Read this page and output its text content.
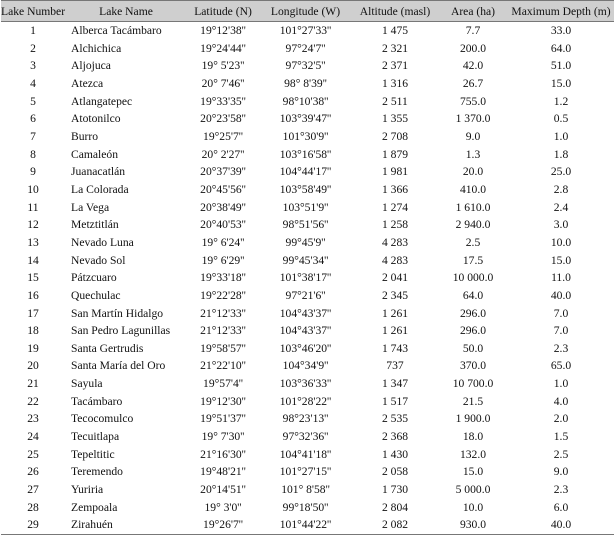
Lake Number	Lake Name	Latitude (N)	Longitude (W)	Altitude (masl)	Area (ha)	Maximum Depth (m)
1	Alberca Tacámbaro	19°12'38''	101°27'33''	1 475	7.7	33.0
2	Alchichica	19°24'44''	97°24'7''	2 321	200.0	64.0
3	Aljojuca	19° 5'23''	97°32'5''	2 371	42.0	51.0
4	Atezca	20° 7'46''	98° 8'39''	1 316	26.7	15.0
5	Atlangatepec	19°33'35''	98°10'38''	2 511	755.0	1.2
6	Atotonilco	20°23'58''	103°39'47''	1 355	1 370.0	0.5
7	Burro	19°25'7''	101°30'9''	2 708	9.0	1.0
8	Camaleón	20° 2'27''	103°16'58''	1 879	1.3	1.8
9	Juanacatlán	20°37'39''	104°44'17''	1 981	20.0	25.0
10	La Colorada	20°45'56''	103°58'49''	1 366	410.0	2.8
11	La Vega	20°38'49''	103°51'9''	1 274	1 610.0	2.4
12	Metztitlán	20°40'53''	98°51'56''	1 258	2 940.0	3.0
13	Nevado Luna	19° 6'24''	99°45'9''	4 283	2.5	10.0
14	Nevado Sol	19° 6'29''	99°45'34''	4 283	17.5	15.0
15	Pátzcuaro	19°33'18''	101°38'17''	2 041	10 000.0	11.0
16	Quechulac	19°22'28''	97°21'6''	2 345	64.0	40.0
17	San Martín Hidalgo	21°12'33''	104°43'37''	1 261	296.0	7.0
18	San Pedro Lagunillas	21°12'33''	104°43'37''	1 261	296.0	7.0
19	Santa Gertrudis	19°58'57''	103°46'20''	1 743	50.0	2.3
20	Santa María del Oro	21°22'10''	104°34'9''	737	370.0	65.0
21	Sayula	19°57'4''	103°36'33''	1 347	10 700.0	1.0
22	Tacámbaro	19°12'30''	101°28'22''	1 517	21.5	4.0
23	Tecocomulco	19°51'37''	98°23'13''	2 535	1 900.0	2.0
24	Tecuitlapa	19° 7'30''	97°32'36''	2 368	18.0	1.5
25	Tepeltitic	21°16'30''	104°41'18''	1 430	132.0	2.5
26	Teremendo	19°48'21''	101°27'15''	2 058	15.0	9.0
27	Yuriria	20°14'51''	101° 8'58''	1 730	5 000.0	2.3
28	Zempoala	19° 3'0''	99°18'50''	2 804	10.0	6.0
29	Zirahuén	19°26'7''	101°44'22''	2 082	930.0	40.0
